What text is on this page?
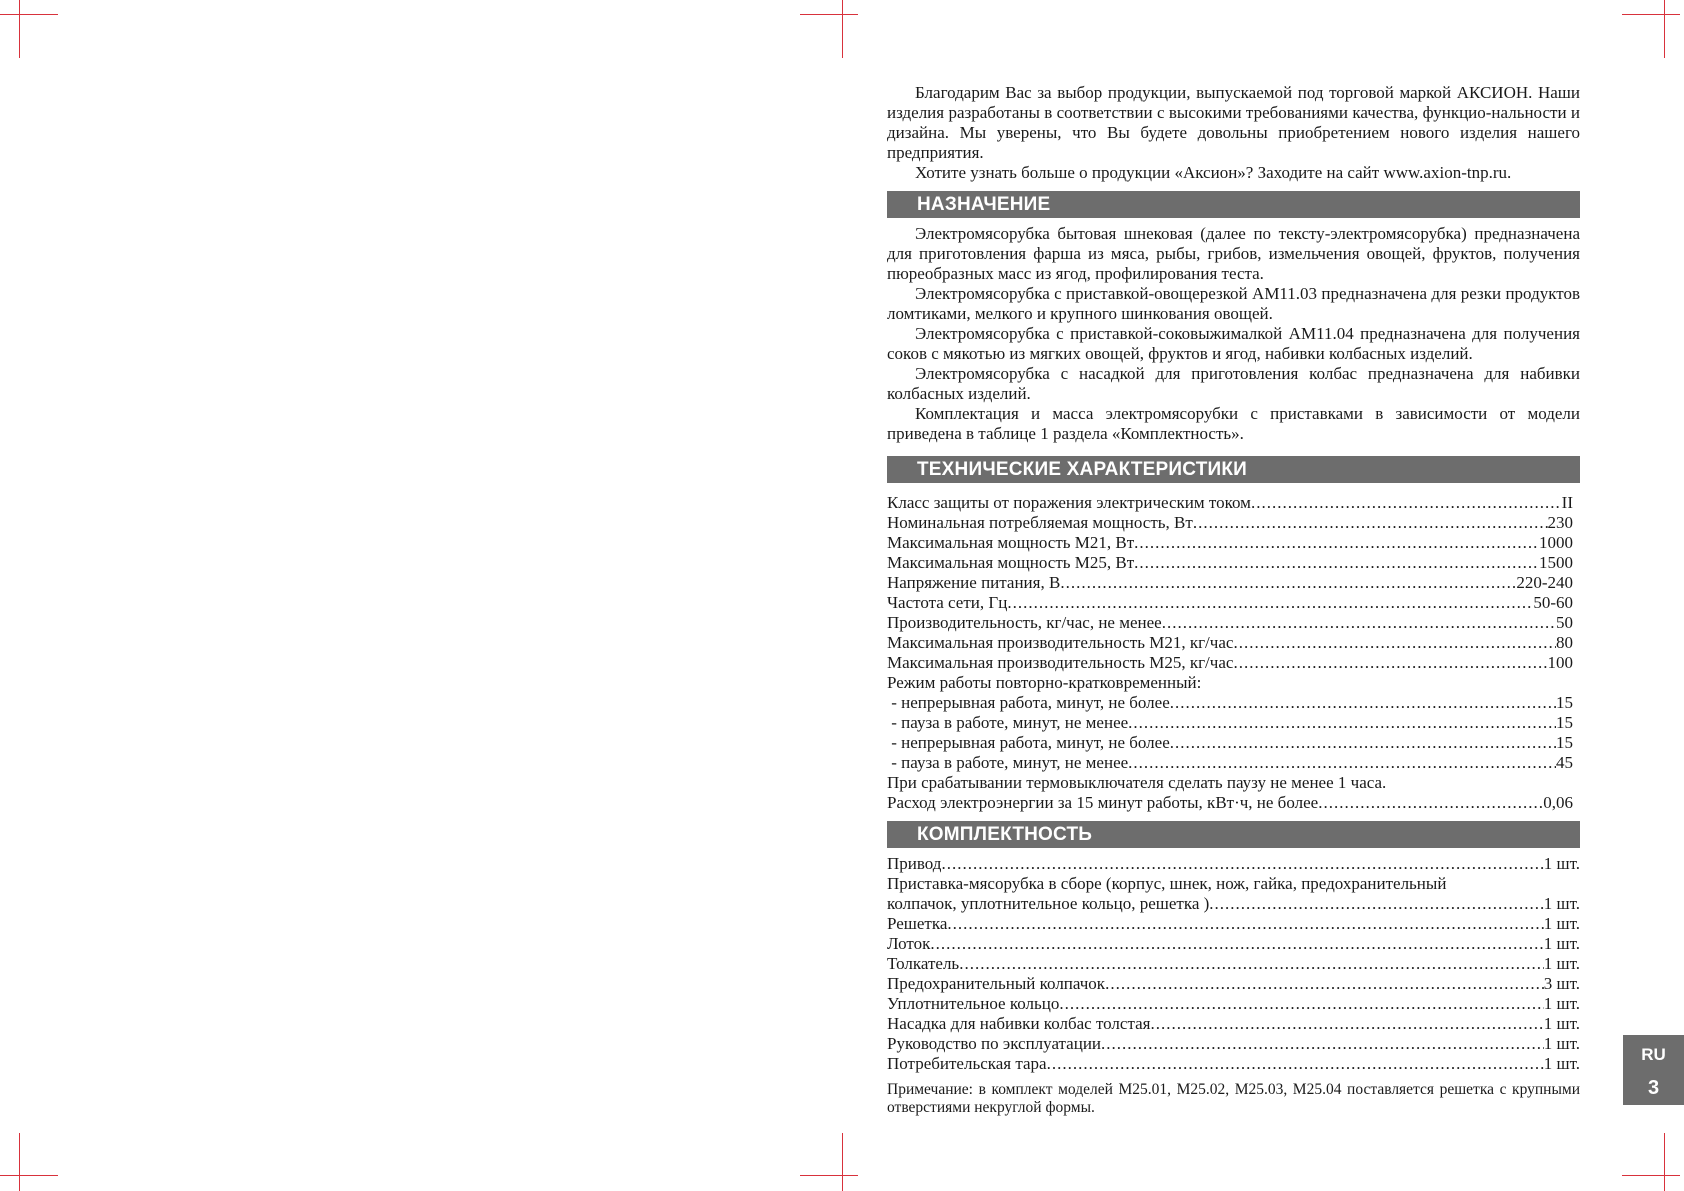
Благодарим Вас за выбор продукции, выпускаемой под торговой маркой АКСИОН. Наши изделия разработаны в соответствии с высокими требованиями качества, функцио-нальности и дизайна. Мы уверены, что Вы будете довольны приобретением нового изделия нашего предприятия.

Хотите узнать больше о продукции «Аксион»? Заходите на сайт www.axion-tnp.ru.

НАЗНАЧЕНИЕ

Электромясорубка бытовая шнековая (далее по тексту-электромясорубка) предназначена для приготовления фарша из мяса, рыбы, грибов, измельчения овощей, фруктов, получения пюреобразных масс из ягод, профилирования теста.

Электромясорубка с приставкой-овощерезкой АМ11.03 предназначена для резки продуктов ломтиками, мелкого и крупного шинкования овощей.

Электромясорубка с приставкой-соковыжималкой АМ11.04 предназначена для получения соков с мякотью из мягких овощей, фруктов и ягод, набивки колбасных изделий.

Электромясорубка с насадкой для приготовления колбас предназначена для набивки колбасных изделий.

Комплектация и масса электромясорубки с приставками в зависимости от модели приведена в таблице 1 раздела «Комплектность».

ТЕХНИЧЕСКИЕ ХАРАКТЕРИСТИКИ
Класс защиты от поражения электрическим током .....	II
Номинальная потребляемая мощность, Вт .....	230
Максимальная мощность М21, Вт .....	1000
Максимальная мощность М25, Вт .....	1500
Напряжение питания, В .....	220-240
Частота сети, Гц .....	50-60
Производительность, кг/час, не менее .....	50
Максимальная производительность М21, кг/час .....	80
Максимальная производительность М25, кг/час .....	100
Режим работы повторно-кратковременный:
- непрерывная работа, минут, не более .....	15
- пауза в работе, минут, не менее .....	15
- непрерывная работа, минут, не более .....	15
- пауза в работе, минут, не менее .....	45
При срабатывании термовыключателя сделать паузу не менее 1 часа.
Расход электроэнергии за 15 минут работы, кВт·ч, не более .....	0,06
КОМПЛЕКТНОСТЬ
Привод .....	1 шт.
Приставка-мясорубка в сборе (корпус, шнек, нож, гайка, предохранительный
колпачок, уплотнительное кольцо, решетка ) .....	1 шт.
Решетка .....	1 шт.
Лоток .....	1 шт.
Толкатель .....	1 шт.
Предохранительный колпачок .....	3 шт.
Уплотнительное кольцо .....	1 шт.
Насадка для набивки колбас толстая .....	1 шт.
Руководство по эксплуатации .....	1 шт.
Потребительская тара .....	1 шт.
Примечание: в комплект моделей М25.01, М25.02, М25.03, М25.04 поставляется решетка с крупными отверстиями некруглой формы.
RU
3
